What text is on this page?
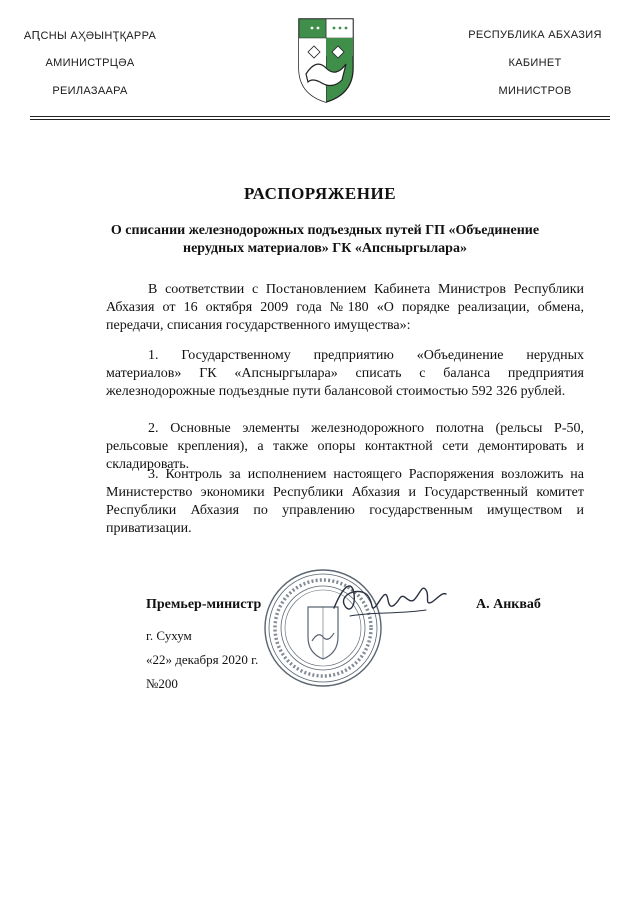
АԤСНЫ АҲӘЫНҬҚАРРА
АМИНИСТРЦӘА
РЕИЛАЗААРА
РЕСПУБЛИКА АБХАЗИЯ
КАБИНЕТ
МИНИСТРОВ
РАСПОРЯЖЕНИЕ
О списании железнодорожных подъездных путей ГП «Объединение нерудных материалов» ГК «Апсныргылара»
В соответствии с Постановлением Кабинета Министров Республики Абхазия от 16 октября 2009 года №180 «О порядке реализации, обмена, передачи, списания государственного имущества»:
1. Государственному предприятию «Объединение нерудных материалов» ГК «Апсныргылара» списать с баланса предприятия железнодорожные подъездные пути балансовой стоимостью 592 326 рублей.
2. Основные элементы железнодорожного полотна (рельсы Р-50, рельсовые крепления), а также опоры контактной сети демонтировать и складировать.
3. Контроль за исполнением настоящего Распоряжения возложить на Министерство экономики Республики Абхазия и Государственный комитет Республики Абхазия по управлению государственным имуществом и приватизации.
Премьер-министр	А. Анкваб
г. Сухум
«22» декабря 2020 г.
№200
